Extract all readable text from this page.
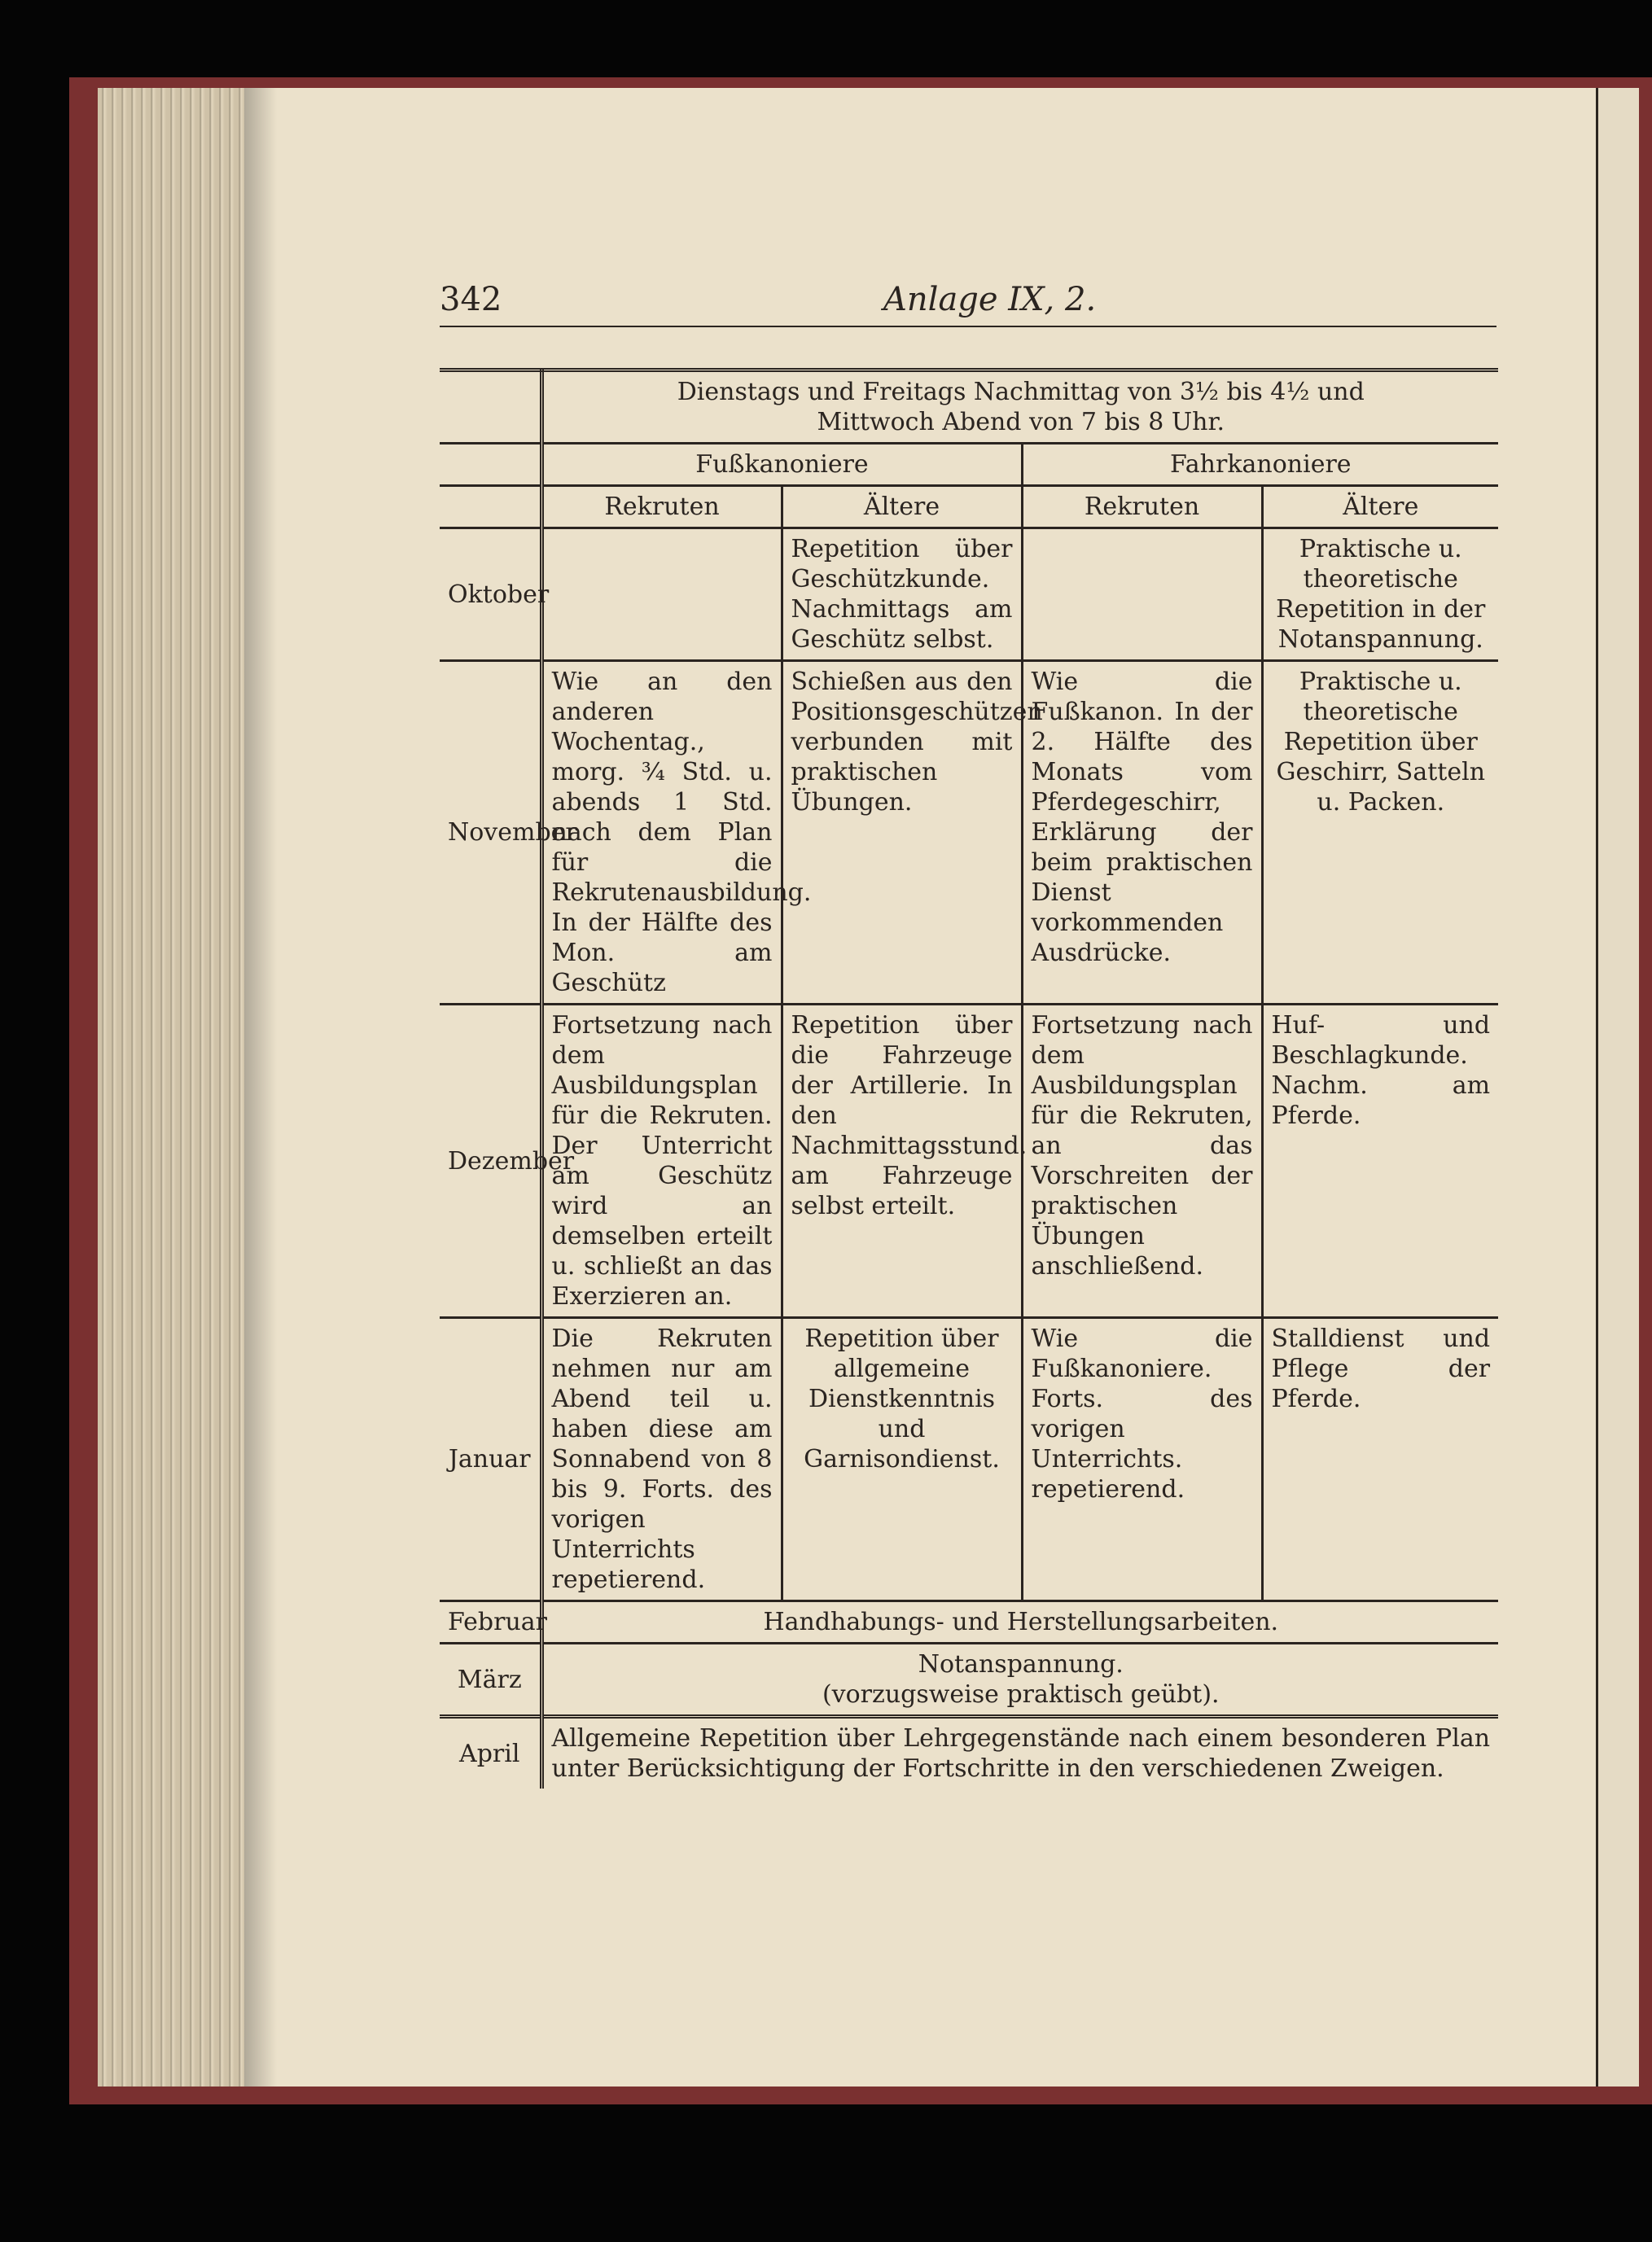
342	Anlage IX, 2.

	Dienstags und Freitags Nachmittag von 3½ bis 4½ und
Mittwoch Abend von 7 bis 8 Uhr.			

	Fußkanoniere		Fahrkanoniere	
	Rekruten	Ältere	Rekruten	Ältere
Oktober		Repetition über Geschützkunde. Nachmittags am Geschütz selbst.		Praktische u. theoretische Repetition in der Notanspannung.
November	Wie an den anderen Wochentag., morg. ¾ Std. u. abends 1 Std. nach dem Plan für die Rekrutenausbildung. In der Hälfte des Mon. am Geschütz	Schießen aus den Positionsgeschützen verbunden mit praktischen Übungen.	Wie die Fußkanon. In der 2. Hälfte des Monats vom Pferdegeschirr, Erklärung der beim praktischen Dienst vorkommenden Ausdrücke.	Praktische u. theoretische Repetition über Geschirr, Satteln u. Packen.
Dezember	Fortsetzung nach dem Ausbildungsplan für die Rekruten. Der Unterricht am Geschütz wird an demselben erteilt u. schließt an das Exerzieren an.	Repetition über die Fahrzeuge der Artillerie. In den Nachmittagsstund. am Fahrzeuge selbst erteilt.	Fortsetzung nach dem Ausbildungsplan für die Rekruten, an das Vorschreiten der praktischen Übungen anschließend.	Huf- und Beschlagkunde. Nachm. am Pferde.
Januar	Die Rekruten nehmen nur am Abend teil u. haben diese am Sonnabend von 8 bis 9. Forts. des vorigen Unterrichts repetierend.	Repetition über allgemeine Dienstkenntnis und Garnisondienst.	Wie die Fußkanoniere. Forts. des vorigen Unterrichts. repetierend.	Stalldienst und Pflege der Pferde.
Februar	Handhabungs- und Herstellungsarbeiten.			
März	Notanspannung.
(vorzugsweise praktisch geübt).			

April	Allgemeine Repetition über Lehrgegenstände nach einem besonderen Plan unter Berücksichtigung der Fortschritte in den verschiedenen Zweigen.			
